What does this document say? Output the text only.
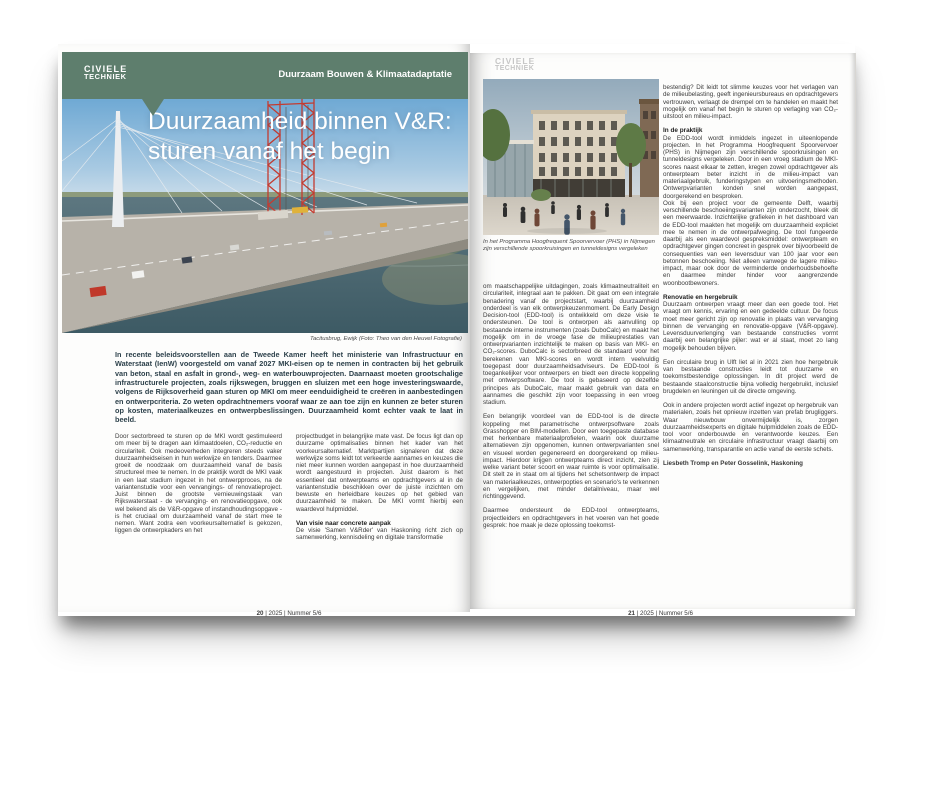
CIVIELE
TECHNIEK	Duurzaam Bouwen & Klimaatadaptatie
Duurzaamheid binnen V&R:
sturen vanaf het begin
Tacitusbrug, Ewijk (Foto: Theo van den Heuvel Fotografie)
In recente beleidsvoorstellen aan de Tweede Kamer heeft het ministerie van Infrastructuur en Waterstaat (IenW) voorgesteld om vanaf 2027 MKI-eisen op te nemen in contracten bij het gebruik van beton, staal en asfalt in grond-, weg- en waterbouwprojecten. Daarnaast moeten grootschalige infrastructurele projecten, zoals rijkswegen, bruggen en sluizen met een hoge investeringswaarde, volgens de Rijksoverheid gaan sturen op MKI om meer eenduidigheid te creëren in aanbestedingen en ontwerpcriteria. Zo weten opdrachtnemers vooraf waar ze aan toe zijn en kunnen ze beter sturen op kosten, materiaalkeuzes en ontwerpbeslissingen. Duurzaamheid komt echter vaak te laat in beeld.

Door sectorbreed te sturen op de MKI wordt gestimuleerd om meer bij te dragen aan klimaatdoelen, CO₂-reductie en circulariteit. Ook medeoverheden integreren steeds vaker duurzaamheidseisen in hun werkwijze en tenders. Daarmee groeit de noodzaak om duurzaamheid vanaf de basis structureel mee te nemen. In de praktijk wordt de MKI vaak in een laat stadium ingezet in het ontwerpproces, na de variantenstudie voor een vervangings- of renovatieproject. Juist binnen de grootste vernieuwingstaak van Rijkswaterstaat - de vervanging- en renovatieopgave, ook wel bekend als de V&R-opgave of instandhoudingsopgave - is het cruciaal om duurzaamheid vanaf de start mee te nemen. Want zodra een voorkeursalternatief is gekozen, liggen de ontwerpkaders en het

projectbudget in belangrijke mate vast. De focus ligt dan op duurzame optimalisaties binnen het kader van het voorkeursalternatief. Marktpartijen signaleren dat deze werkwijze soms leidt tot verkeerde aannames en keuzes die niet meer kunnen worden aangepast in hoe duurzaamheid wordt aangestuurd in projecten. Juist daarom is het essentieel dat ontwerpteams en opdrachtgevers al in de variantenstudie beschikken over de juiste inzichten om bewuste en herleidbare keuzes op het gebied van duurzaamheid te maken. De MKI vormt hierbij een waardevol hulpmiddel.

Van visie naar concrete aanpak

De visie 'Samen V&Rder' van Haskoning richt zich op samenwerking, kennisdeling en digitale transformatie

20 | 2025 | Nummer 5/6
CIVIELE
TECHNIEK
In het Programma Hoogfrequent Spoorvervoer (PHS) in Nijmegen zijn verschillende spoorkruisingen en tunneldesigns vergeleken

om maatschappelijke uitdagingen, zoals klimaatneutraliteit en circulariteit, integraal aan te pakken. Dit gaat om een integrale benadering vanaf de projectstart, waarbij duurzaamheid onderdeel is van elk ontwerpkeuzenmoment. De Early Design Decision-tool (EDD-tool) is ontwikkeld om deze visie te ondersteunen. De tool is ontworpen als aanvulling op bestaande interne instrumenten (zoals DuboCalc) en maakt het mogelijk om in de vroege fase de milieuprestaties van ontwerpvarianten inzichtelijk te maken op basis van MKI- en CO₂-scores. DuboCalc is sectorbreed de standaard voor het berekenen van MKI-scores en wordt intern veelvuldig toegepast door duurzaamheidsadviseurs. De EDD-tool is toegankelijker voor ontwerpers en biedt een directe koppeling met ontwerpsoftware. De tool is gebaseerd op dezelfde principes als DuboCalc, maar maakt gebruik van data en aannames die geschikt zijn voor toepassing in een vroeg stadium.

Een belangrijk voordeel van de EDD-tool is de directe koppeling met parametrische ontwerpsoftware zoals Grasshopper en BIM-modellen. Door een toegepaste database met herkenbare materiaalprofielen, waarin ook duurzame alternatieven zijn opgenomen, kunnen ontwerpvarianten snel en visueel worden gegenereerd en doorgerekend op milieu-impact. Hierdoor krijgen ontwerpteams direct inzicht, zien zij welke variant beter scoort en waar ruimte is voor optimalisatie. Dit stelt ze in staat om al tijdens het schetsontwerp de impact van materiaalkeuzes, ontwerpopties en scenario's te verkennen en vergelijken, met minder detailniveau, maar wel richtinggevend.

Daarmee ondersteunt de EDD-tool ontwerpteams, projectleiders en opdrachtgevers in het voeren van het goede gesprek: hoe maak je deze oplossing toekomst-

bestendig? Dit leidt tot slimme keuzes voor het verlagen van de milieubelasting, geeft ingenieursbureaus en opdrachtgevers vertrouwen, verlaagt de drempel om te handelen en maakt het mogelijk om vanaf het begin te sturen op verlaging van CO₂-uitstoot en milieu-impact.

In de praktijk

De EDD-tool wordt inmiddels ingezet in uiteenlopende projecten. In het Programma Hoogfrequent Spoorvervoer (PHS) in Nijmegen zijn verschillende spoorkruisingen en tunneldesigns vergeleken. Door in een vroeg stadium de MKI-scores naast elkaar te zetten, kregen zowel opdrachtgever als ontwerpteam beter inzicht in de milieu-impact van materiaalgebruik, funderingstypen en uitvoeringsmethoden. Ontwerpvarianten konden snel worden aangepast, doorgerekend en besproken.

Ook bij een project voor de gemeente Delft, waarbij verschillende beschoeiingsvarianten zijn onderzocht, bleek dit een meerwaarde. Inzichtelijke grafieken in het dashboard van de EDD-tool maakten het mogelijk om duurzaamheid expliciet mee te nemen in de ontwerpafweging. De tool fungeerde daarbij als een waardevol gespreksmiddel: ontwerpteam en opdrachtgever gingen concreet in gesprek over bijvoorbeeld de consequenties van een levensduur van 100 jaar voor een betonnen beschoeiing. Niet alleen vanwege de lagere milieu-impact, maar ook door de verminderde onderhoudsbehoefte en daarmee minder hinder voor aangrenzende woonbootbewoners.

Renovatie en hergebruik

Duurzaam ontwerpen vraagt meer dan een goede tool. Het vraagt om kennis, ervaring en een gedeelde cultuur. De focus moet meer gericht zijn op renovatie in plaats van vervanging binnen de vervanging en renovatie-opgave (V&R-opgave). Levensduurverlenging van bestaande constructies vormt daarbij een belangrijke pijler: wat er al staat, moet zo lang mogelijk behouden blijven.

Een circulaire brug in Ulft liet al in 2021 zien hoe hergebruik van bestaande constructies leidt tot duurzame en toekomstbestendige oplossingen. In dit project werd de bestaande staalconstructie bijna volledig hergebruikt, inclusief brugdelen en leuningen uit de directe omgeving.

Ook in andere projecten wordt actief ingezet op hergebruik van materialen, zoals het opnieuw inzetten van prefab brugliggers. Waar nieuwbouw onvermijdelijk is, zorgen duurzaamheidsexperts en digitale hulpmiddelen zoals de EDD-tool voor onderbouwde en verantwoorde keuzes. Een klimaatneutrale en circulaire infrastructuur vraagt daarbij om samenwerking, transparantie en actie vanaf de eerste schets.

Liesbeth Tromp en Peter Gosselink, Haskoning

21 | 2025 | Nummer 5/6
